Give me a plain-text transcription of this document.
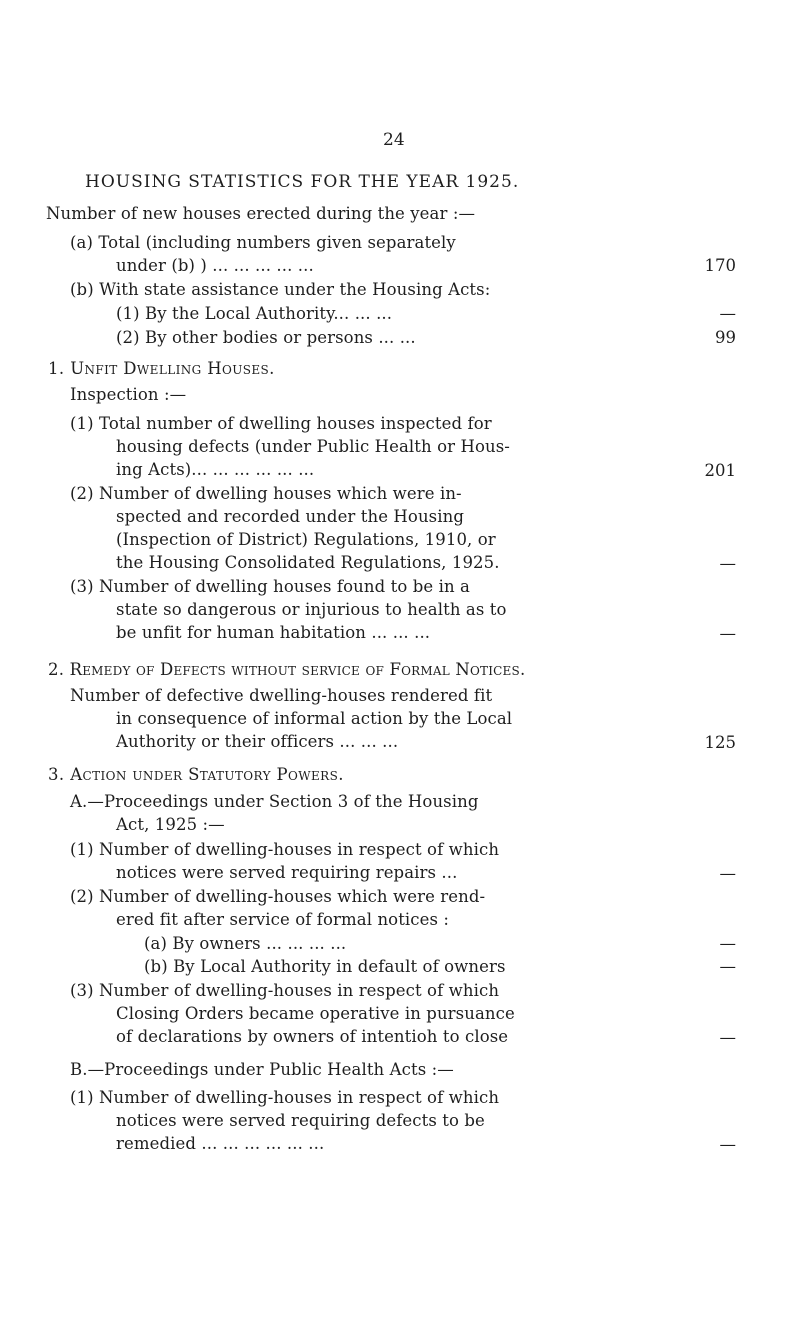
24
HOUSING STATISTICS FOR THE YEAR 1925.
Number of new houses erected during the year :—
(a) Total (including numbers given separately
under (b) ) ... ... ... ... ...	170
(b) With state assistance under the Housing Acts:
(1) By the Local Authority... ... ...	—
(2) By other bodies or persons ... ...	99
1. Unfit Dwelling Houses.
Inspection :—
(1) Total number of dwelling houses inspected for
housing defects (under Public Health or Hous-
ing Acts)... ... ... ... ... ...	201
(2) Number of dwelling houses which were in-
spected and recorded under the Housing
(Inspection of District) Regulations, 1910, or
the Housing Consolidated Regulations, 1925.	—
(3) Number of dwelling houses found to be in a
state so dangerous or injurious to health as to
be unfit for human habitation ... ... ...	—
2. Remedy of Defects without service of Formal Notices.
Number of defective dwelling-houses rendered fit
in consequence of informal action by the Local
Authority or their officers ... ... ...	125
3. Action under Statutory Powers.
A.—Proceedings under Section 3 of the Housing
Act, 1925 :—
(1) Number of dwelling-houses in respect of which
notices were served requiring repairs ...	—
(2) Number of dwelling-houses which were rend-
ered fit after service of formal notices :
(a) By owners ... ... ... ...	—
(b) By Local Authority in default of owners	—
(3) Number of dwelling-houses in respect of which
Closing Orders became operative in pursuance
of declarations by owners of intentioh to close	—
B.—Proceedings under Public Health Acts :—
(1) Number of dwelling-houses in respect of which
notices were served requiring defects to be
remedied ... ... ... ... ... ...	—
